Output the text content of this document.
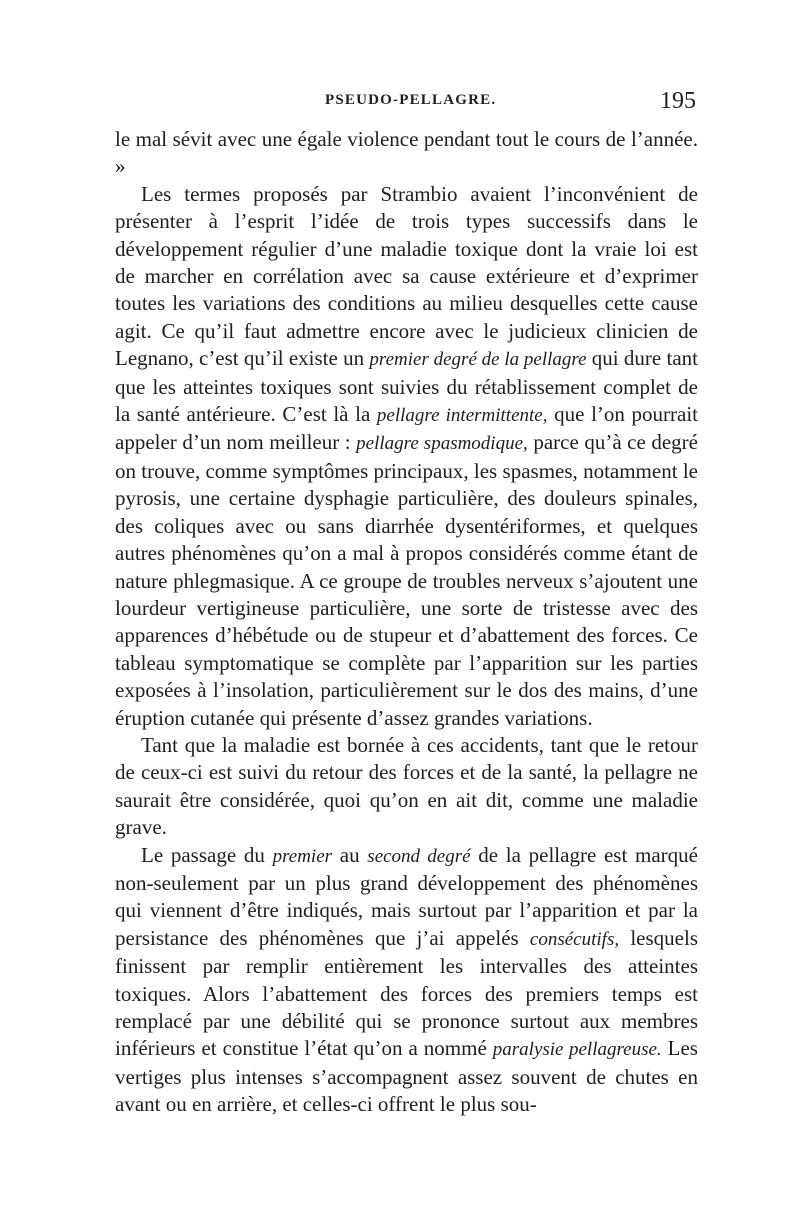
PSEUDO-PELLAGRE.	195

le mal sévit avec une égale violence pendant tout le cours de l’année. »

Les termes proposés par Strambio avaient l’inconvénient de présenter à l’esprit l’idée de trois types successifs dans le développement régulier d’une maladie toxique dont la vraie loi est de marcher en corrélation avec sa cause extérieure et d’exprimer toutes les variations des conditions au milieu desquelles cette cause agit. Ce qu’il faut admettre encore avec le judicieux clinicien de Legnano, c’est qu’il existe un premier degré de la pellagre qui dure tant que les atteintes toxiques sont suivies du rétablissement complet de la santé antérieure. C’est là la pellagre intermittente, que l’on pourrait appeler d’un nom meilleur : pellagre spasmodique, parce qu’à ce degré on trouve, comme symptômes principaux, les spasmes, notamment le pyrosis, une certaine dysphagie particulière, des douleurs spinales, des coliques avec ou sans diarrhée dysentériformes, et quelques autres phénomènes qu’on a mal à propos considérés comme étant de nature phlegmasique. A ce groupe de troubles nerveux s’ajoutent une lourdeur vertigineuse particulière, une sorte de tristesse avec des apparences d’hébétude ou de stupeur et d’abattement des forces. Ce tableau symptomatique se complète par l’apparition sur les parties exposées à l’insolation, particulièrement sur le dos des mains, d’une éruption cutanée qui présente d’assez grandes variations.

Tant que la maladie est bornée à ces accidents, tant que le retour de ceux-ci est suivi du retour des forces et de la santé, la pellagre ne saurait être considérée, quoi qu’on en ait dit, comme une maladie grave.

Le passage du premier au second degré de la pellagre est marqué non-seulement par un plus grand développement des phénomènes qui viennent d’être indiqués, mais surtout par l’apparition et par la persistance des phénomènes que j’ai appelés consécutifs, lesquels finissent par remplir entièrement les intervalles des atteintes toxiques. Alors l’abattement des forces des premiers temps est remplacé par une débilité qui se prononce surtout aux membres inférieurs et constitue l’état qu’on a nommé paralysie pellagreuse. Les vertiges plus intenses s’accompagnent assez souvent de chutes en avant ou en arrière, et celles-ci offrent le plus sou-
